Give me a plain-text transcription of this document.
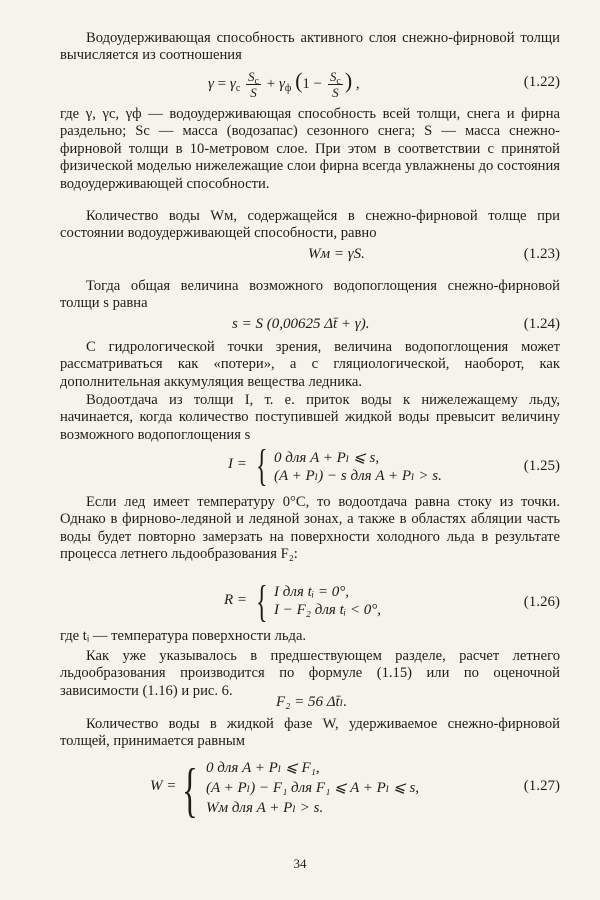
Водоудерживающая способность активного слоя снежно-фирновой толщи вычисляется из соотношения

$\gamma = \gamma_с \frac{S_с}{S} + \gamma_ф$ ($1 - \frac{S_с}{S}$ ) ,	(1.22)

где γ, γс, γф — водоудерживающая способность всей толщи, снега и фирна раздельно; Sс — масса (водозапас) сезонного снега; S — масса снежно-фирновой толщи в 10-метровом слое. При этом в соответствии с принятой физической моделью нижележащие слои фирна всегда увлажнены до состояния водоудерживающей способности.

Количество воды Wм, содержащейся в снежно-фирновой толще при состоянии водоудерживающей способности, равно

Wм = γS.	(1.23)

Тогда общая величина возможного водопоглощения снежно-фирновой толщи s равна

s = S (0,00625 Δt̄ + γ).	(1.24)

С гидрологической точки зрения, величина водопоглощения может рассматриваться как «потери», а с гляциологической, наоборот, как дополнительная аккумуляция вещества ледника.

Водоотдача из толщи I, т. е. приток воды к нижележащему льду, начинается, когда количество поступившей жидкой воды превысит величину возможного водопоглощения s

I = { 0 для A + Pₗ ⩽ s,
(A + Pₗ) − s для A + Pₗ > s.
(1.25)

Если лед имеет температуру 0°С, то водоотдача равна стоку из точки. Однако в фирново-ледяной и ледяной зонах, а также в областях абляции часть воды будет повторно замерзать на поверхности холодного льда в результате процесса летнего льдообразования F₂:

R = { I для tᵢ = 0°,
I − F₂ для tᵢ < 0°,	(1.26)

где tᵢ — температура поверхности льда.

Как уже указывалось в предшествующем разделе, расчет летнего льдообразования производится по формуле (1.15) или по оценочной зависимости (1.16) и рис. 6.

F₂ = 56 Δt̄ₗ.

Количество воды в жидкой фазе W, удерживаемое снежно-фирновой толщей, принимается равным

W = { 0 для A + Pₗ ⩽ F₁,
(A + Pₗ) − F₁ для F₁ ⩽ A + Pₗ ⩽ s,
Wм для A + Pₗ > s.
(1.27)
34
